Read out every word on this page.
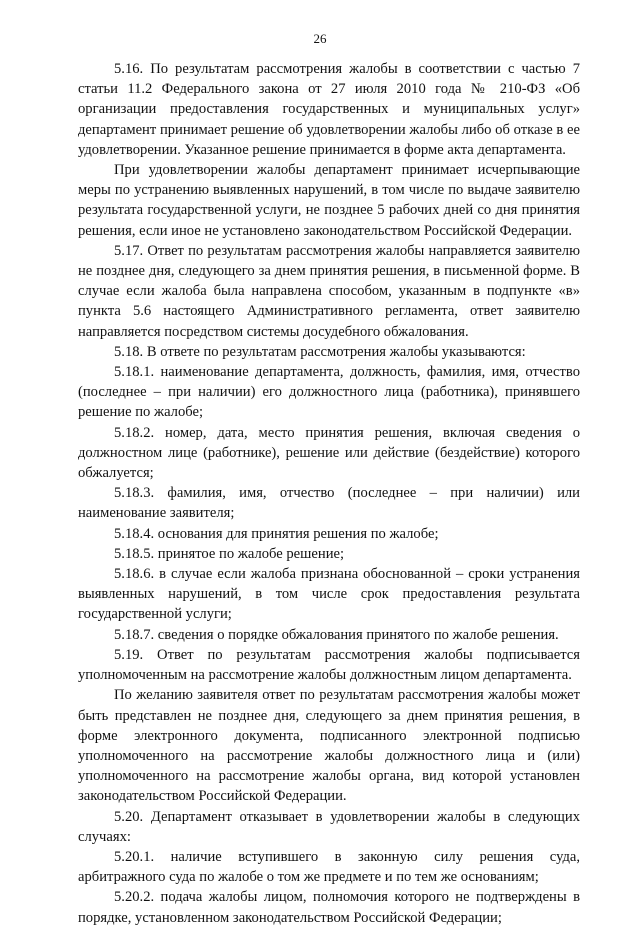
26

5.16. По результатам рассмотрения жалобы в соответствии с частью 7 статьи 11.2 Федерального закона от 27 июля 2010 года № 210-ФЗ «Об организации предоставления государственных и муниципальных услуг» департамент принимает решение об удовлетворении жалобы либо об отказе в ее удовлетворении. Указанное решение принимается в форме акта департамента.

При удовлетворении жалобы департамент принимает исчерпывающие меры по устранению выявленных нарушений, в том числе по выдаче заявителю результата государственной услуги, не позднее 5 рабочих дней со дня принятия решения, если иное не установлено законодательством Российской Федерации.

5.17. Ответ по результатам рассмотрения жалобы направляется заявителю не позднее дня, следующего за днем принятия решения, в письменной форме. В случае если жалоба была направлена способом, указанным в подпункте «в» пункта 5.6 настоящего Административного регламента, ответ заявителю направляется посредством системы досудебного обжалования.

5.18. В ответе по результатам рассмотрения жалобы указываются:

5.18.1. наименование департамента, должность, фамилия, имя, отчество (последнее – при наличии) его должностного лица (работника), принявшего решение по жалобе;

5.18.2. номер, дата, место принятия решения, включая сведения о должностном лице (работнике), решение или действие (бездействие) которого обжалуется;

5.18.3. фамилия, имя, отчество (последнее – при наличии) или наименование заявителя;

5.18.4. основания для принятия решения по жалобе;

5.18.5. принятое по жалобе решение;

5.18.6. в случае если жалоба признана обоснованной – сроки устранения выявленных нарушений, в том числе срок предоставления результата государственной услуги;

5.18.7. сведения о порядке обжалования принятого по жалобе решения.

5.19. Ответ по результатам рассмотрения жалобы подписывается уполномоченным на рассмотрение жалобы должностным лицом департамента.

По желанию заявителя ответ по результатам рассмотрения жалобы может быть представлен не позднее дня, следующего за днем принятия решения, в форме электронного документа, подписанного электронной подписью уполномоченного на рассмотрение жалобы должностного лица и (или) уполномоченного на рассмотрение жалобы органа, вид которой установлен законодательством Российской Федерации.

5.20. Департамент отказывает в удовлетворении жалобы в следующих случаях:

5.20.1. наличие вступившего в законную силу решения суда, арбитражного суда по жалобе о том же предмете и по тем же основаниям;

5.20.2. подача жалобы лицом, полномочия которого не подтверждены в порядке, установленном законодательством Российской Федерации;
